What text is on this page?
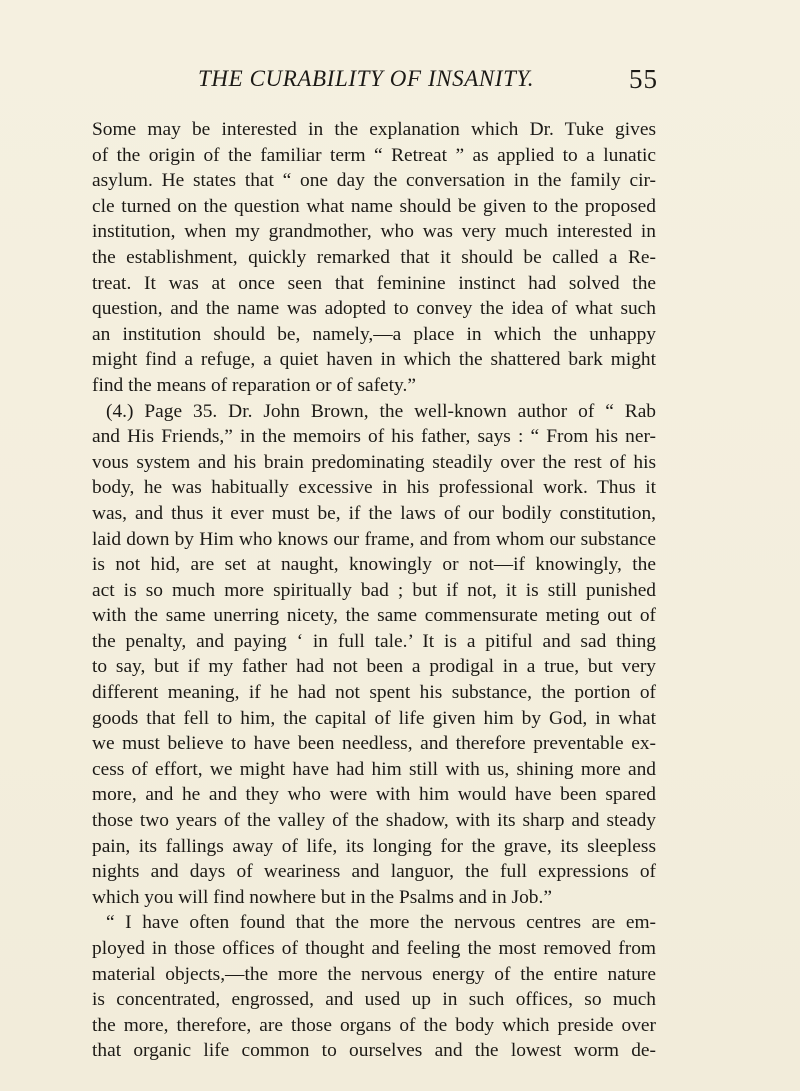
THE CURABILITY OF INSANITY.	55
Some may be interested in the explanation which Dr. Tuke gives
of the origin of the familiar term “ Retreat ” as applied to a lunatic
asylum. He states that “ one day the conversation in the family cir-
cle turned on the question what name should be given to the proposed
institution, when my grandmother, who was very much interested in
the establishment, quickly remarked that it should be called a Re-
treat. It was at once seen that feminine instinct had solved the
question, and the name was adopted to convey the idea of what such
an institution should be, namely,—a place in which the unhappy
might find a refuge, a quiet haven in which the shattered bark might
find the means of reparation or of safety.”
(4.) Page 35. Dr. John Brown, the well-known author of “ Rab
and His Friends,” in the memoirs of his father, says : “ From his ner-
vous system and his brain predominating steadily over the rest of his
body, he was habitually excessive in his professional work. Thus it
was, and thus it ever must be, if the laws of our bodily constitution,
laid down by Him who knows our frame, and from whom our substance
is not hid, are set at naught, knowingly or not—if knowingly, the
act is so much more spiritually bad ; but if not, it is still punished
with the same unerring nicety, the same commensurate meting out of
the penalty, and paying ‘ in full tale.’ It is a pitiful and sad thing
to say, but if my father had not been a prodigal in a true, but very
different meaning, if he had not spent his substance, the portion of
goods that fell to him, the capital of life given him by God, in what
we must believe to have been needless, and therefore preventable ex-
cess of effort, we might have had him still with us, shining more and
more, and he and they who were with him would have been spared
those two years of the valley of the shadow, with its sharp and steady
pain, its fallings away of life, its longing for the grave, its sleepless
nights and days of weariness and languor, the full expressions of
which you will find nowhere but in the Psalms and in Job.”
“ I have often found that the more the nervous centres are em-
ployed in those offices of thought and feeling the most removed from
material objects,—the more the nervous energy of the entire nature
is concentrated, engrossed, and used up in such offices, so much
the more, therefore, are those organs of the body which preside over
that organic life common to ourselves and the lowest worm de-
